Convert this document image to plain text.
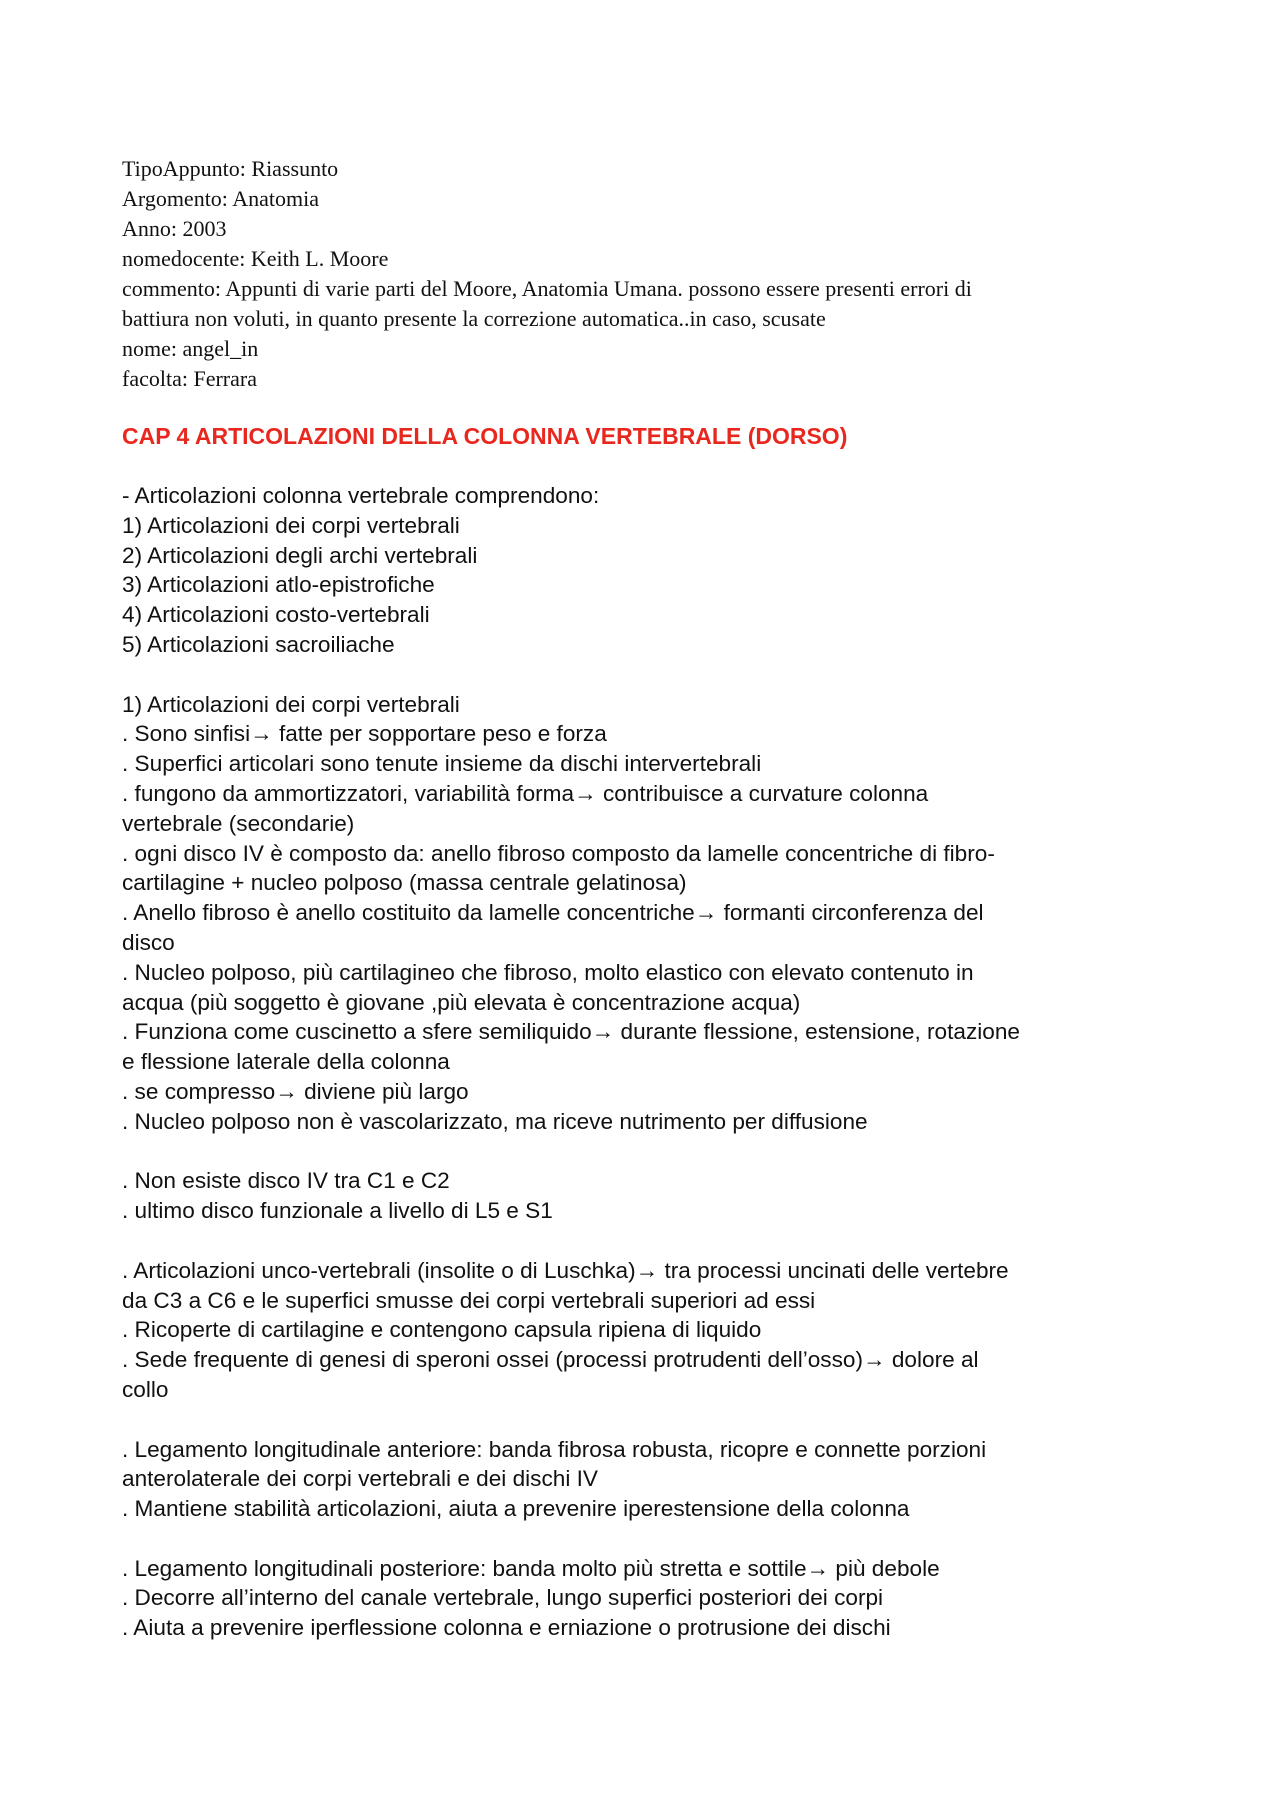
TipoAppunto: Riassunto

Argomento: Anatomia

Anno: 2003

nomedocente: Keith L. Moore

commento: Appunti di varie parti del Moore, Anatomia Umana. possono essere presenti errori di

battiura non voluti, in quanto presente la correzione automatica..in caso, scusate

nome: angel_in

facolta: Ferrara

CAP 4 ARTICOLAZIONI DELLA COLONNA VERTEBRALE (DORSO)

- Articolazioni colonna vertebrale comprendono:

1) Articolazioni dei corpi vertebrali

2) Articolazioni degli archi vertebrali

3) Articolazioni atlo-epistrofiche

4) Articolazioni costo-vertebrali

5) Articolazioni sacroiliache

1) Articolazioni dei corpi vertebrali

. Sono sinfisi→ fatte per sopportare peso e forza

. Superfici articolari sono tenute insieme da dischi intervertebrali

. fungono da ammortizzatori, variabilità forma→ contribuisce a curvature colonna

vertebrale (secondarie)

. ogni disco IV è composto da: anello fibroso composto da lamelle concentriche di fibro-

cartilagine + nucleo polposo (massa centrale gelatinosa)

. Anello fibroso è anello costituito da lamelle concentriche→ formanti circonferenza del

disco

. Nucleo polposo, più cartilagineo che fibroso, molto elastico con elevato contenuto in

acqua (più soggetto è giovane ,più elevata è concentrazione acqua)

. Funziona come cuscinetto a sfere semiliquido→ durante flessione, estensione, rotazione

e flessione laterale della colonna

. se compresso→ diviene più largo

. Nucleo polposo non è vascolarizzato, ma riceve nutrimento per diffusione

. Non esiste disco IV tra C1 e C2

. ultimo disco funzionale a livello di L5 e S1

. Articolazioni unco-vertebrali (insolite o di Luschka)→ tra processi uncinati delle vertebre

da C3 a C6 e le superfici smusse dei corpi vertebrali superiori ad essi

. Ricoperte di cartilagine e contengono capsula ripiena di liquido

. Sede frequente di genesi di speroni ossei (processi protrudenti dell’osso)→ dolore al

collo

. Legamento longitudinale anteriore: banda fibrosa robusta, ricopre e connette porzioni

anterolaterale dei corpi vertebrali e dei dischi IV

. Mantiene stabilità articolazioni, aiuta a prevenire iperestensione della colonna

. Legamento longitudinali posteriore: banda molto più stretta e sottile→ più debole

. Decorre all’interno del canale vertebrale, lungo superfici posteriori dei corpi

. Aiuta a prevenire iperflessione colonna e erniazione o protrusione dei dischi
